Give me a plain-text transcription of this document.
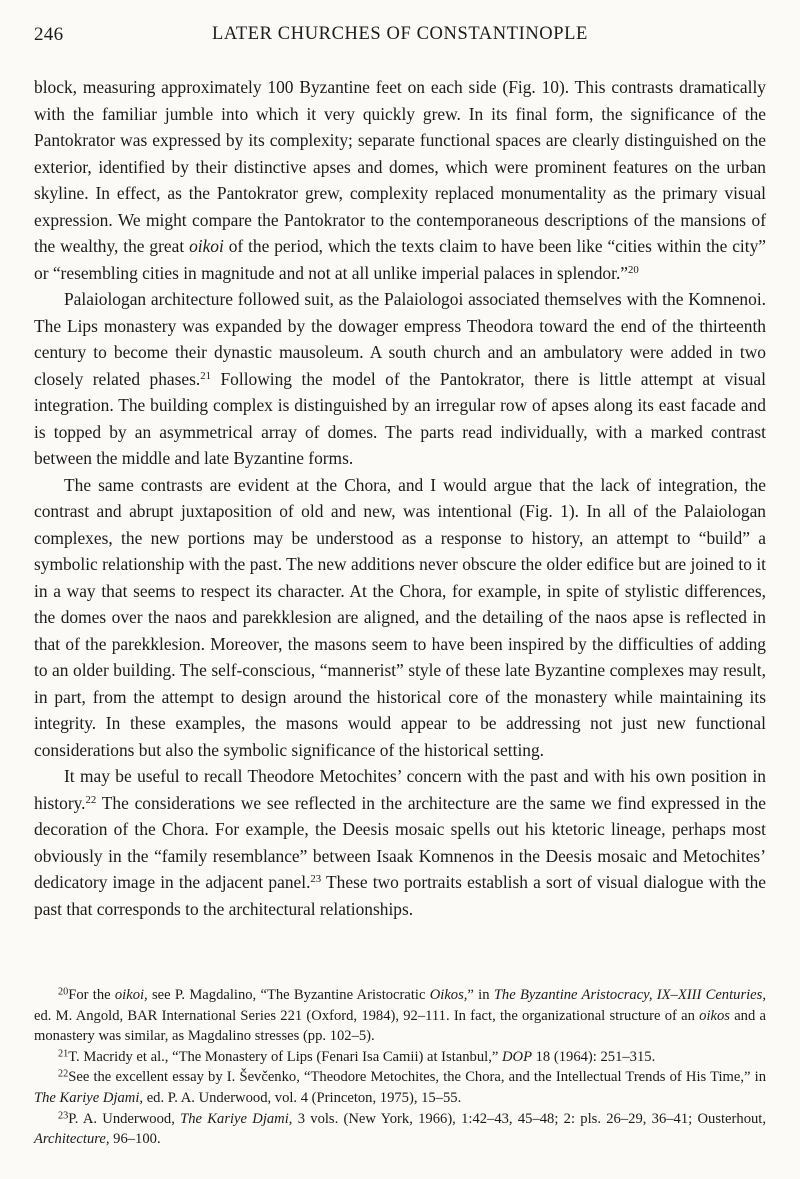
246	LATER CHURCHES OF CONSTANTINOPLE

block, measuring approximately 100 Byzantine feet on each side (Fig. 10). This contrasts dramatically with the familiar jumble into which it very quickly grew. In its final form, the significance of the Pantokrator was expressed by its complexity; separate functional spaces are clearly distinguished on the exterior, identified by their distinctive apses and domes, which were prominent features on the urban skyline. In effect, as the Pantokrator grew, complexity replaced monumentality as the primary visual expression. We might compare the Pantokrator to the contemporaneous descriptions of the mansions of the wealthy, the great oikoi of the period, which the texts claim to have been like “cities within the city” or “resembling cities in magnitude and not at all unlike imperial palaces in splendor.”$^{20}$

Palaiologan architecture followed suit, as the Palaiologoi associated themselves with the Komnenoi. The Lips monastery was expanded by the dowager empress Theodora toward the end of the thirteenth century to become their dynastic mausoleum. A south church and an ambulatory were added in two closely related phases.$^{21}$ Following the model of the Pantokrator, there is little attempt at visual integration. The building complex is distinguished by an irregular row of apses along its east facade and is topped by an asymmetrical array of domes. The parts read individually, with a marked contrast between the middle and late Byzantine forms.

The same contrasts are evident at the Chora, and I would argue that the lack of integration, the contrast and abrupt juxtaposition of old and new, was intentional (Fig. 1). In all of the Palaiologan complexes, the new portions may be understood as a response to history, an attempt to “build” a symbolic relationship with the past. The new additions never obscure the older edifice but are joined to it in a way that seems to respect its character. At the Chora, for example, in spite of stylistic differences, the domes over the naos and parekklesion are aligned, and the detailing of the naos apse is reflected in that of the parekklesion. Moreover, the masons seem to have been inspired by the difficulties of adding to an older building. The self-conscious, “mannerist” style of these late Byzantine complexes may result, in part, from the attempt to design around the historical core of the monastery while maintaining its integrity. In these examples, the masons would appear to be addressing not just new functional considerations but also the symbolic significance of the historical setting.

It may be useful to recall Theodore Metochites’ concern with the past and with his own position in history.$^{22}$ The considerations we see reflected in the architecture are the same we find expressed in the decoration of the Chora. For example, the Deesis mosaic spells out his ktetoric lineage, perhaps most obviously in the “family resemblance” between Isaak Komnenos in the Deesis mosaic and Metochites’ dedicatory image in the adjacent panel.$^{23}$ These two portraits establish a sort of visual dialogue with the past that corresponds to the architectural relationships.

$^{20}$For the oikoi, see P. Magdalino, “The Byzantine Aristocratic Oikos,” in The Byzantine Aristocracy, IX–XIII Centuries, ed. M. Angold, BAR International Series 221 (Oxford, 1984), 92–111. In fact, the organizational structure of an oikos and a monastery was similar, as Magdalino stresses (pp. 102–5).

$^{21}$T. Macridy et al., “The Monastery of Lips (Fenari Isa Camii) at Istanbul,” DOP 18 (1964): 251–315.

$^{22}$See the excellent essay by I. Ševčenko, “Theodore Metochites, the Chora, and the Intellectual Trends of His Time,” in The Kariye Djami, ed. P. A. Underwood, vol. 4 (Princeton, 1975), 15–55.

$^{23}$P. A. Underwood, The Kariye Djami, 3 vols. (New York, 1966), 1:42–43, 45–48; 2: pls. 26–29, 36–41; Ousterhout, Architecture, 96–100.
